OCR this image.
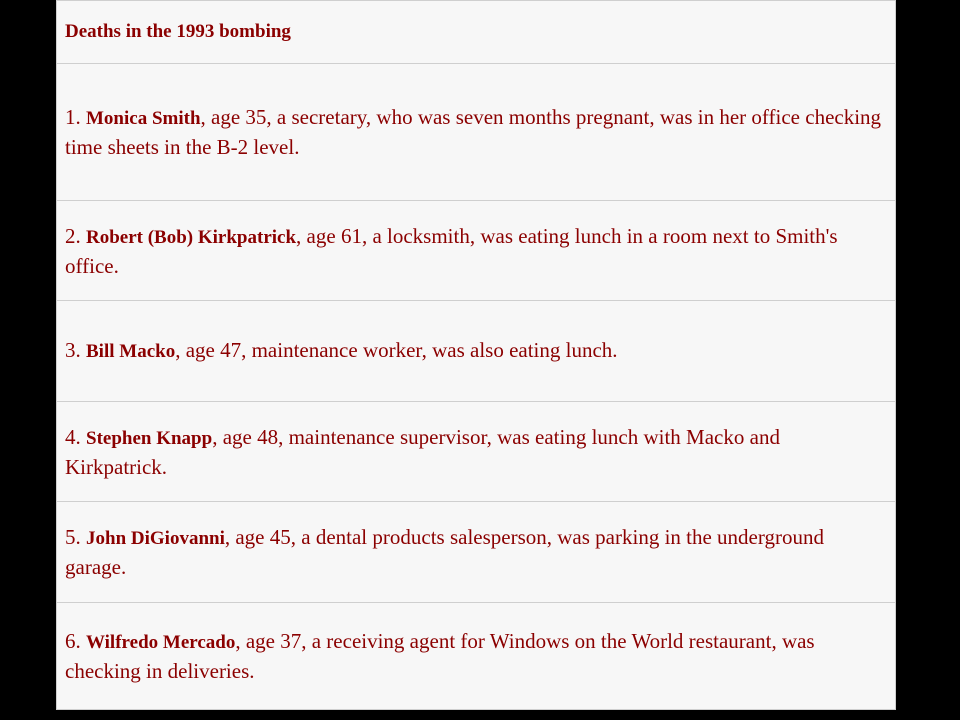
Deaths in the 1993 bombing
1. Monica Smith, age 35, a secretary, who was seven months pregnant, was in her office checking time sheets in the B-2 level.
2. Robert (Bob) Kirkpatrick, age 61, a locksmith, was eating lunch in a room next to Smith's office.
3. Bill Macko, age 47, maintenance worker, was also eating lunch.
4. Stephen Knapp, age 48, maintenance supervisor, was eating lunch with Macko and Kirkpatrick.
5. John DiGiovanni, age 45, a dental products salesperson, was parking in the underground garage.
6. Wilfredo Mercado, age 37, a receiving agent for Windows on the World restaurant, was checking in deliveries.
